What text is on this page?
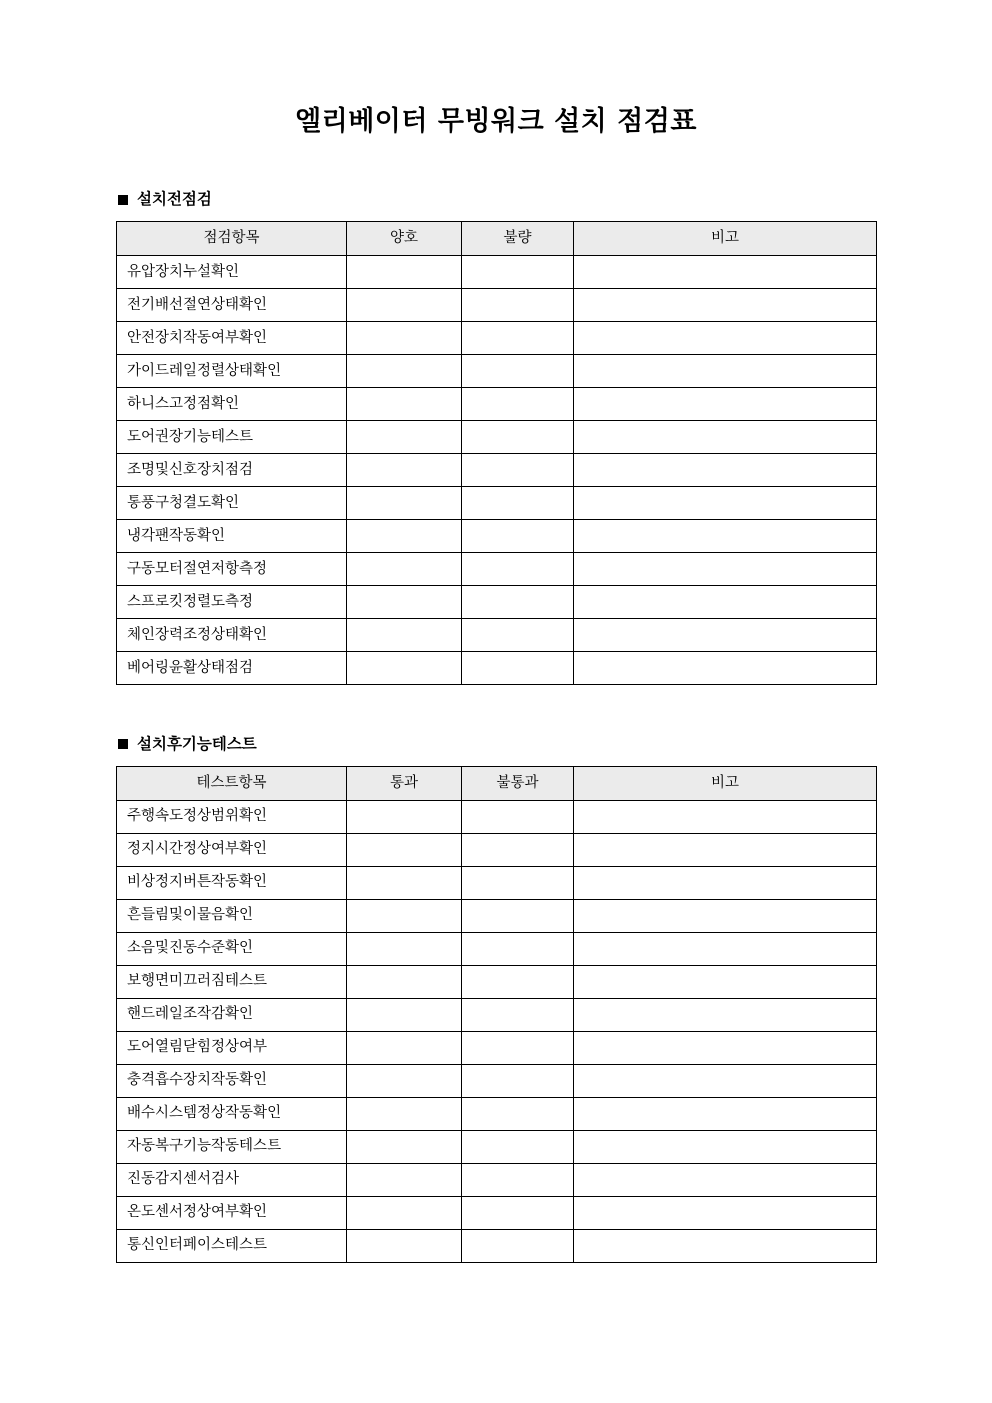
엘리베이터 무빙워크 설치 점검표
설치전점검
점검항목	양호	불량	비고
유압장치누설확인			
전기배선절연상태확인			
안전장치작동여부확인			
가이드레일정렬상태확인			
하니스고정점확인			
도어권장기능테스트			
조명및신호장치점검			
통풍구청결도확인			
냉각팬작동확인			
구동모터절연저항측정			
스프로킷정렬도측정			
체인장력조정상태확인			
베어링윤활상태점검			
설치후기능테스트
테스트항목	통과	불통과	비고
주행속도정상범위확인			
정지시간정상여부확인			
비상정지버튼작동확인			
흔들림및이물음확인			
소음및진동수준확인			
보행면미끄러짐테스트			
핸드레일조작감확인			
도어열림닫힘정상여부			
충격흡수장치작동확인			
배수시스템정상작동확인			
자동복구기능작동테스트			
진동감지센서검사			
온도센서정상여부확인			
통신인터페이스테스트			
